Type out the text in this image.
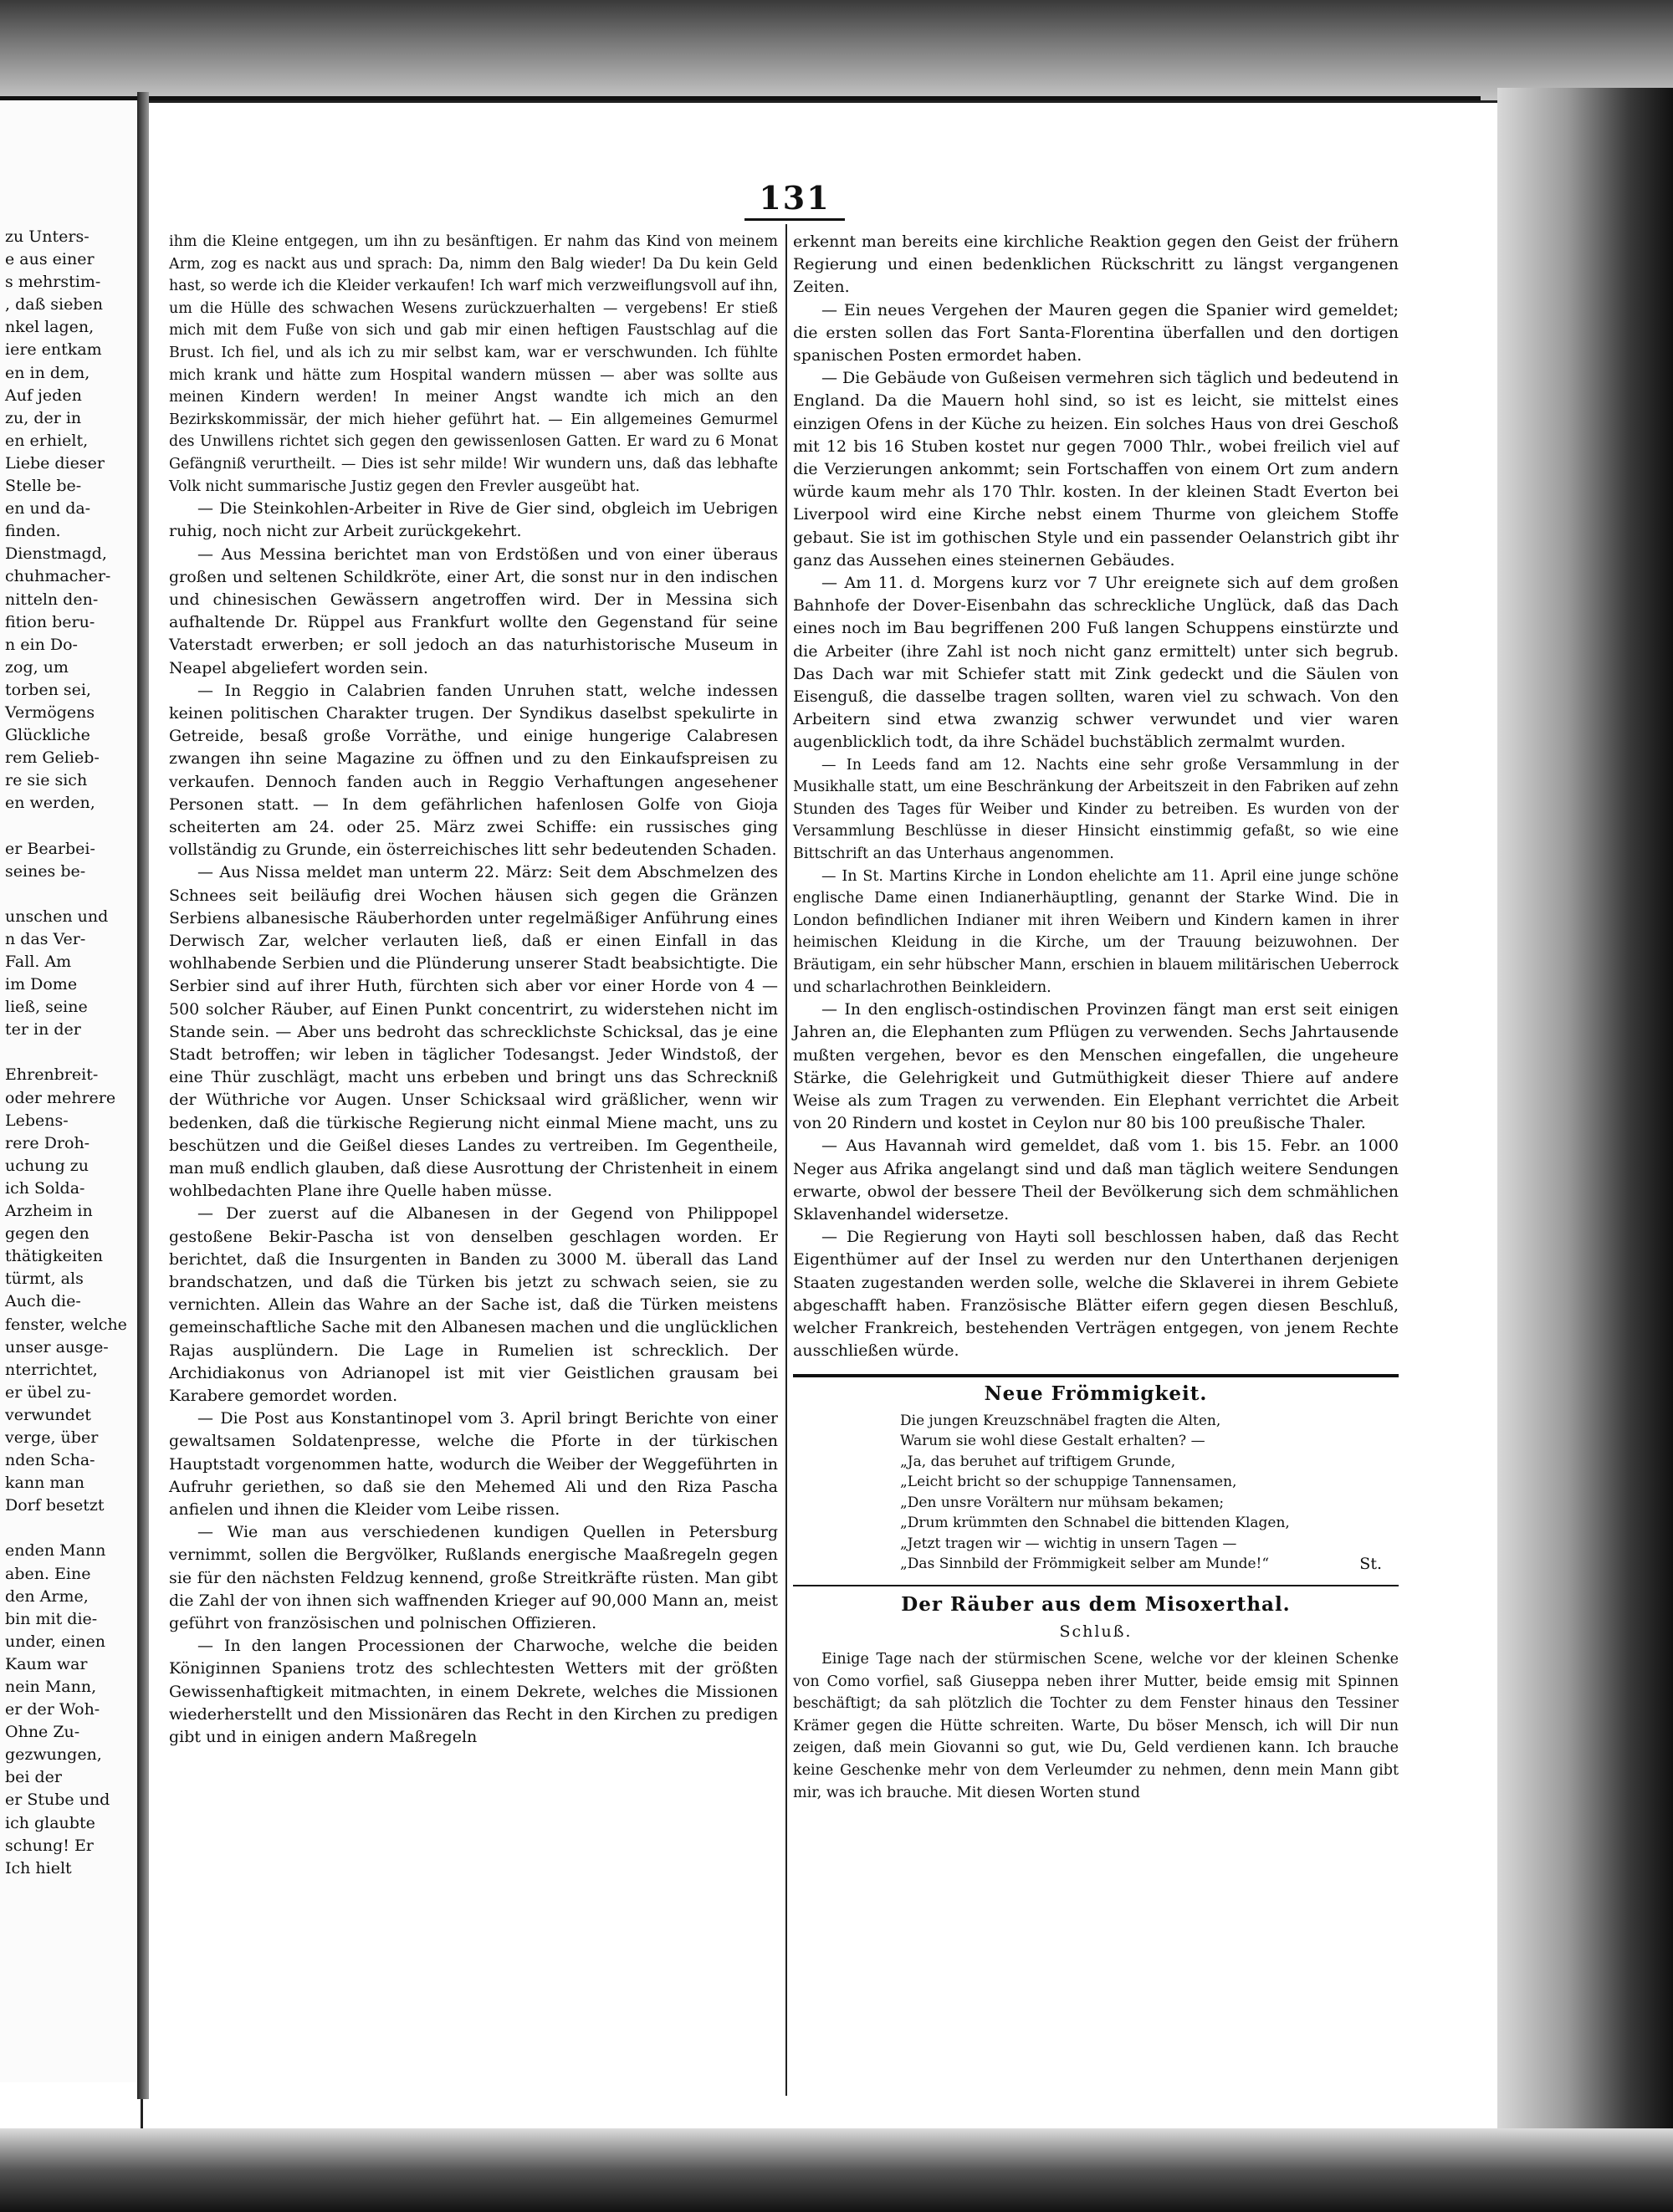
zu Unters-
e aus einer
s mehrstim-
, daß sieben
nkel lagen,
iere entkam
en in dem,
Auf jeden
zu, der in
en erhielt,
Liebe dieser
Stelle be-
en und da-
finden.
Dienstmagd,
chuhmacher-
nitteln den-
fition beru-
n ein Do-
zog, um
torben sei,
Vermögens
Glückliche
rem Gelieb-
re sie sich
en werden,

er Bearbei-
seines be-

unschen und
n das Ver-
Fall. Am
im Dome
ließ, seine
ter in der

Ehrenbreit-
oder mehrere
Lebens-
rere Droh-
uchung zu
ich Solda-
Arzheim in
gegen den
thätigkeiten
türmt, als
Auch die-
fenster, welche
unser ausge-
nterrichtet,
er übel zu-
verwundet
verge, über
nden Scha-
kann man
Dorf besetzt

enden Mann
aben. Eine
den Arme,
bin mit die-
under, einen
Kaum war
nein Mann,
er der Woh-
Ohne Zu-
gezwungen,
bei der
er Stube und
ich glaubte
schung! Er
Ich hielt
131

ihm die Kleine entgegen, um ihn zu besänftigen. Er nahm das Kind von meinem Arm, zog es nackt aus und sprach: Da, nimm den Balg wieder! Da Du kein Geld hast, so werde ich die Kleider verkaufen! Ich warf mich verzweiflungsvoll auf ihn, um die Hülle des schwachen Wesens zurückzuerhalten — vergebens! Er stieß mich mit dem Fuße von sich und gab mir einen heftigen Faustschlag auf die Brust. Ich fiel, und als ich zu mir selbst kam, war er verschwunden. Ich fühlte mich krank und hätte zum Hospital wandern müssen — aber was sollte aus meinen Kindern werden! In meiner Angst wandte ich mich an den Bezirkskommissär, der mich hieher geführt hat. — Ein allgemeines Gemurmel des Unwillens richtet sich gegen den gewissenlosen Gatten. Er ward zu 6 Monat Gefängniß verurtheilt. — Dies ist sehr milde! Wir wundern uns, daß das lebhafte Volk nicht summarische Justiz gegen den Frevler ausgeübt hat.

— Die Steinkohlen-Arbeiter in Rive de Gier sind, obgleich im Uebrigen ruhig, noch nicht zur Arbeit zurückgekehrt.

— Aus Messina berichtet man von Erdstößen und von einer überaus großen und seltenen Schildkröte, einer Art, die sonst nur in den indischen und chinesischen Gewässern angetroffen wird. Der in Messina sich aufhaltende Dr. Rüppel aus Frankfurt wollte den Gegenstand für seine Vaterstadt erwerben; er soll jedoch an das naturhistorische Museum in Neapel abgeliefert worden sein.

— In Reggio in Calabrien fanden Unruhen statt, welche indessen keinen politischen Charakter trugen. Der Syndikus daselbst spekulirte in Getreide, besaß große Vorräthe, und einige hungerige Calabresen zwangen ihn seine Magazine zu öffnen und zu den Einkaufspreisen zu verkaufen. Dennoch fanden auch in Reggio Verhaftungen angesehener Personen statt. — In dem gefährlichen hafenlosen Golfe von Gioja scheiterten am 24. oder 25. März zwei Schiffe: ein russisches ging vollständig zu Grunde, ein österreichisches litt sehr bedeutenden Schaden.

— Aus Nissa meldet man unterm 22. März: Seit dem Abschmelzen des Schnees seit beiläufig drei Wochen häusen sich gegen die Gränzen Serbiens albanesische Räuberhorden unter regelmäßiger Anführung eines Derwisch Zar, welcher verlauten ließ, daß er einen Einfall in das wohlhabende Serbien und die Plünderung unserer Stadt beabsichtigte. Die Serbier sind auf ihrer Huth, fürchten sich aber vor einer Horde von 4 — 500 solcher Räuber, auf Einen Punkt concentrirt, zu widerstehen nicht im Stande sein. — Aber uns bedroht das schrecklichste Schicksal, das je eine Stadt betroffen; wir leben in täglicher Todesangst. Jeder Windstoß, der eine Thür zuschlägt, macht uns erbeben und bringt uns das Schreckniß der Wüthriche vor Augen. Unser Schicksaal wird gräßlicher, wenn wir bedenken, daß die türkische Regierung nicht einmal Miene macht, uns zu beschützen und die Geißel dieses Landes zu vertreiben. Im Gegentheile, man muß endlich glauben, daß diese Ausrottung der Christenheit in einem wohlbedachten Plane ihre Quelle haben müsse.

— Der zuerst auf die Albanesen in der Gegend von Philippopel gestoßene Bekir-Pascha ist von denselben geschlagen worden. Er berichtet, daß die Insurgenten in Banden zu 3000 M. überall das Land brandschatzen, und daß die Türken bis jetzt zu schwach seien, sie zu vernichten. Allein das Wahre an der Sache ist, daß die Türken meistens gemeinschaftliche Sache mit den Albanesen machen und die unglücklichen Rajas ausplündern. Die Lage in Rumelien ist schrecklich. Der Archidiakonus von Adrianopel ist mit vier Geistlichen grausam bei Karabere gemordet worden.

— Die Post aus Konstantinopel vom 3. April bringt Berichte von einer gewaltsamen Soldatenpresse, welche die Pforte in der türkischen Hauptstadt vorgenommen hatte, wodurch die Weiber der Weggeführten in Aufruhr geriethen, so daß sie den Mehemed Ali und den Riza Pascha anfielen und ihnen die Kleider vom Leibe rissen.

— Wie man aus verschiedenen kundigen Quellen in Petersburg vernimmt, sollen die Bergvölker, Rußlands energische Maaßregeln gegen sie für den nächsten Feldzug kennend, große Streitkräfte rüsten. Man gibt die Zahl der von ihnen sich waffnenden Krieger auf 90,000 Mann an, meist geführt von französischen und polnischen Offizieren.

— In den langen Processionen der Charwoche, welche die beiden Königinnen Spaniens trotz des schlechtesten Wetters mit der größten Gewissenhaftigkeit mitmachten, in einem Dekrete, welches die Missionen wiederherstellt und den Missionären das Recht in den Kirchen zu predigen gibt und in einigen andern Maßregeln

erkennt man bereits eine kirchliche Reaktion gegen den Geist der frühern Regierung und einen bedenklichen Rückschritt zu längst vergangenen Zeiten.

— Ein neues Vergehen der Mauren gegen die Spanier wird gemeldet; die ersten sollen das Fort Santa-Florentina überfallen und den dortigen spanischen Posten ermordet haben.

— Die Gebäude von Gußeisen vermehren sich täglich und bedeutend in England. Da die Mauern hohl sind, so ist es leicht, sie mittelst eines einzigen Ofens in der Küche zu heizen. Ein solches Haus von drei Geschoß mit 12 bis 16 Stuben kostet nur gegen 7000 Thlr., wobei freilich viel auf die Verzierungen ankommt; sein Fortschaffen von einem Ort zum andern würde kaum mehr als 170 Thlr. kosten. In der kleinen Stadt Everton bei Liverpool wird eine Kirche nebst einem Thurme von gleichem Stoffe gebaut. Sie ist im gothischen Style und ein passender Oelanstrich gibt ihr ganz das Aussehen eines steinernen Gebäudes.

— Am 11. d. Morgens kurz vor 7 Uhr ereignete sich auf dem großen Bahnhofe der Dover-Eisenbahn das schreckliche Unglück, daß das Dach eines noch im Bau begriffenen 200 Fuß langen Schuppens einstürzte und die Arbeiter (ihre Zahl ist noch nicht ganz ermittelt) unter sich begrub. Das Dach war mit Schiefer statt mit Zink gedeckt und die Säulen von Eisenguß, die dasselbe tragen sollten, waren viel zu schwach. Von den Arbeitern sind etwa zwanzig schwer verwundet und vier waren augenblicklich todt, da ihre Schädel buchstäblich zermalmt wurden.

— In Leeds fand am 12. Nachts eine sehr große Versammlung in der Musikhalle statt, um eine Beschränkung der Arbeitszeit in den Fabriken auf zehn Stunden des Tages für Weiber und Kinder zu betreiben. Es wurden von der Versammlung Beschlüsse in dieser Hinsicht einstimmig gefaßt, so wie eine Bittschrift an das Unterhaus angenommen.

— In St. Martins Kirche in London ehelichte am 11. April eine junge schöne englische Dame einen Indianerhäuptling, genannt der Starke Wind. Die in London befindlichen Indianer mit ihren Weibern und Kindern kamen in ihrer heimischen Kleidung in die Kirche, um der Trauung beizuwohnen. Der Bräutigam, ein sehr hübscher Mann, erschien in blauem militärischen Ueberrock und scharlachrothen Beinkleidern.

— In den englisch-ostindischen Provinzen fängt man erst seit einigen Jahren an, die Elephanten zum Pflügen zu verwenden. Sechs Jahrtausende mußten vergehen, bevor es den Menschen eingefallen, die ungeheure Stärke, die Gelehrigkeit und Gutmüthigkeit dieser Thiere auf andere Weise als zum Tragen zu verwenden. Ein Elephant verrichtet die Arbeit von 20 Rindern und kostet in Ceylon nur 80 bis 100 preußische Thaler.

— Aus Havannah wird gemeldet, daß vom 1. bis 15. Febr. an 1000 Neger aus Afrika angelangt sind und daß man täglich weitere Sendungen erwarte, obwol der bessere Theil der Bevölkerung sich dem schmählichen Sklavenhandel widersetze.

— Die Regierung von Hayti soll beschlossen haben, daß das Recht Eigenthümer auf der Insel zu werden nur den Unterthanen derjenigen Staaten zugestanden werden solle, welche die Sklaverei in ihrem Gebiete abgeschafft haben. Französische Blätter eifern gegen diesen Beschluß, welcher Frankreich, bestehenden Verträgen entgegen, von jenem Rechte ausschließen würde.

Neue Frömmigkeit.
Die jungen Kreuzschnäbel fragten die Alten,
Warum sie wohl diese Gestalt erhalten? —
„Ja, das beruhet auf triftigem Grunde,
„Leicht bricht so der schuppige Tannensamen,
„Den unsre Vorältern nur mühsam bekamen;
„Drum krümmten den Schnabel die bittenden Klagen,
„Jetzt tragen wir — wichtig in unsern Tagen —
St.
„Das Sinnbild der Frömmigkeit selber am Munde!“
Der Räuber aus dem Misoxerthal.
Schluß.

Einige Tage nach der stürmischen Scene, welche vor der kleinen Schenke von Como vorfiel, saß Giuseppa neben ihrer Mutter, beide emsig mit Spinnen beschäftigt; da sah plötzlich die Tochter zu dem Fenster hinaus den Tessiner Krämer gegen die Hütte schreiten. Warte, Du böser Mensch, ich will Dir nun zeigen, daß mein Giovanni so gut, wie Du, Geld verdienen kann. Ich brauche keine Geschenke mehr von dem Verleumder zu nehmen, denn mein Mann gibt mir, was ich brauche. Mit diesen Worten stund
